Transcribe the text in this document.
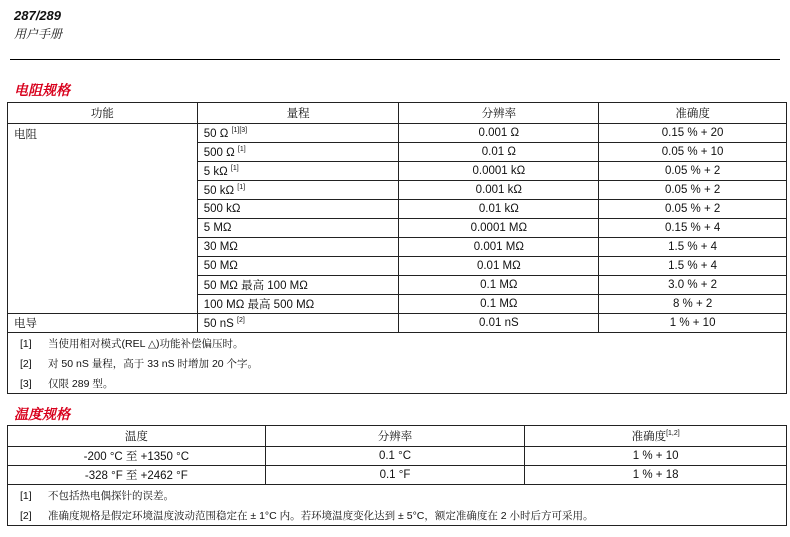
287/289
用户手册
电阻规格
功能	量程	分辨率	准确度
电阻	50 Ω [1][3]	0.001 Ω	0.15 % + 20
	500 Ω [1]	0.01 Ω	0.05 % + 10
	5 kΩ [1]	0.0001 kΩ	0.05 % + 2
	50 kΩ [1]	0.001 kΩ	0.05 % + 2
	500 kΩ	0.01 kΩ	0.05 % + 2
	5 MΩ	0.0001 MΩ	0.15 % + 4
	30 MΩ	0.001 MΩ	1.5 % + 4
	50 MΩ	0.01 MΩ	1.5 % + 4
	50 MΩ 最高 100 MΩ	0.1 MΩ	3.0 % + 2
	100 MΩ 最高 500 MΩ	0.1 MΩ	8 % + 2
电导	50 nS [2]	0.01 nS	1 % + 10
[1] 当使用相对模式(REL △)功能补偿偏压时。			
[2] 对 50 nS 量程，高于 33 nS 时增加 20 个字。			
[3] 仅限 289 型。			
温度规格
温度	分辨率	准确度[1,2]
-200 °C 至 +1350 °C	0.1 °C	1 % + 10
-328 °F 至 +2462 °F	0.1 °F	1 % + 18
[1] 不包括热电偶探针的误差。		
[2] 准确度规格是假定环境温度波动范围稳定在 ± 1°C 内。若环境温度变化达到 ± 5°C，额定准确度在 2 小时后方可采用。		
